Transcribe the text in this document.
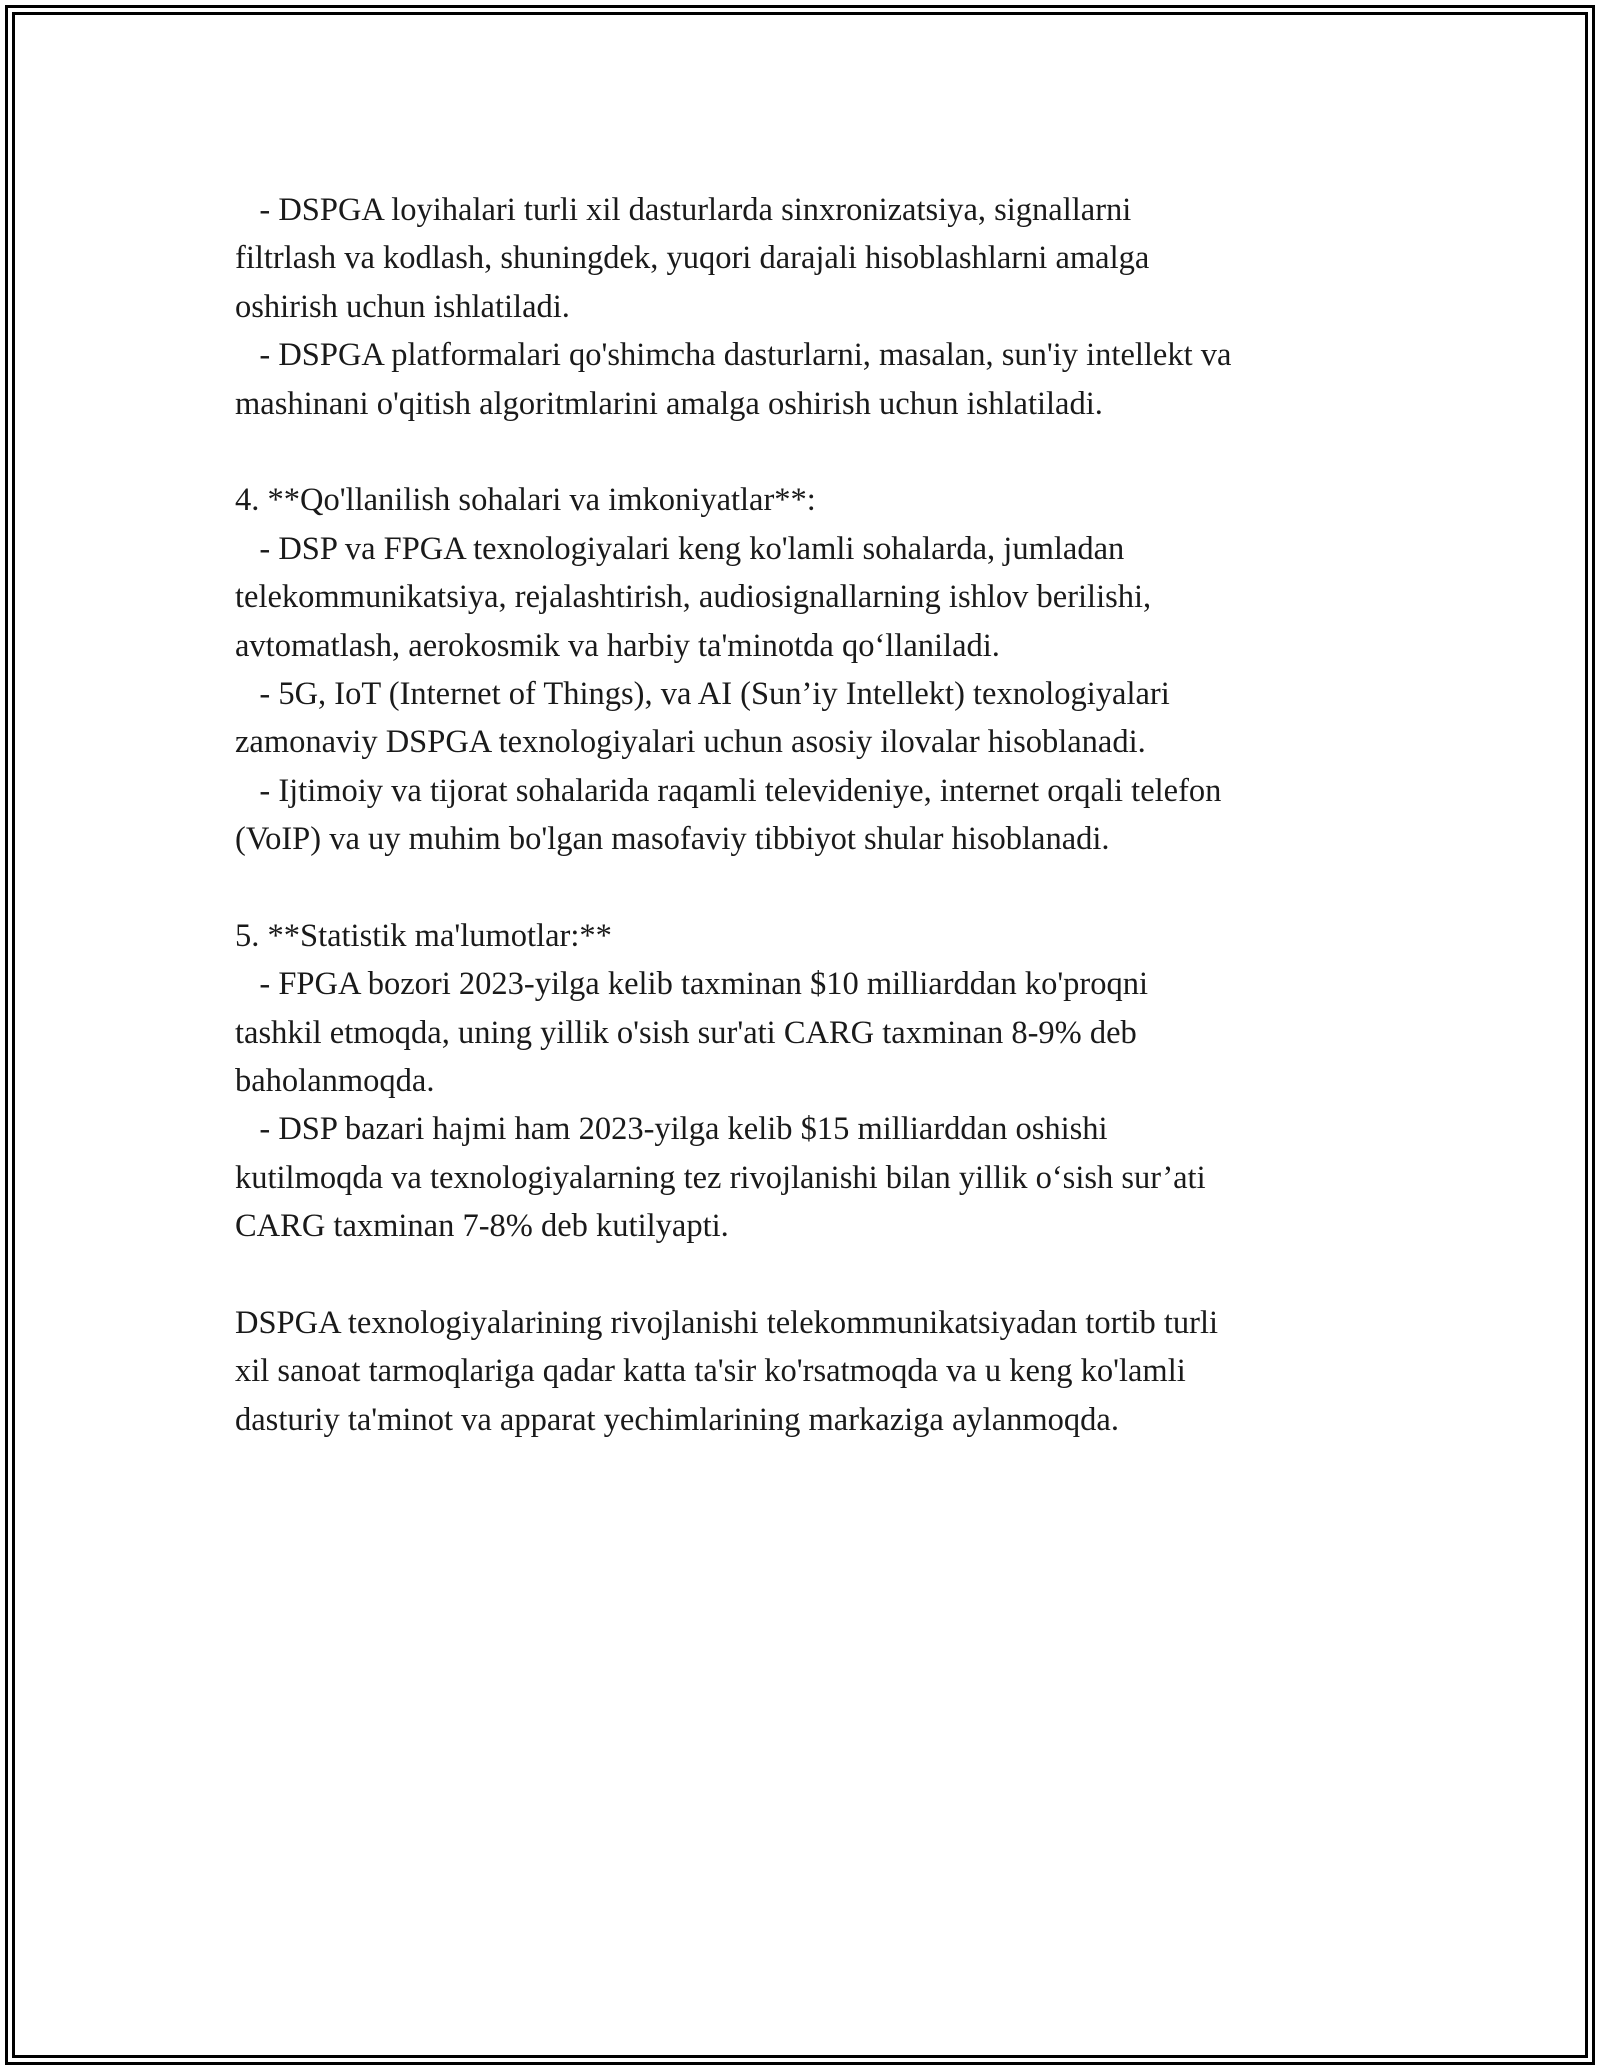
- DSPGA loyihalari turli xil dasturlarda sinxronizatsiya, signallarni
filtrlash va kodlash, shuningdek, yuqori darajali hisoblashlarni amalga
oshirish uchun ishlatiladi.
- DSPGA platformalari qo'shimcha dasturlarni, masalan, sun'iy intellekt va
mashinani o'qitish algoritmlarini amalga oshirish uchun ishlatiladi.
4. **Qo'llanilish sohalari va imkoniyatlar**:
- DSP va FPGA texnologiyalari keng ko'lamli sohalarda, jumladan
telekommunikatsiya, rejalashtirish, audiosignallarning ishlov berilishi,
avtomatlash, aerokosmik va harbiy ta'minotda qo‘llaniladi.
- 5G, IoT (Internet of Things), va AI (Sun’iy Intellekt) texnologiyalari
zamonaviy DSPGA texnologiyalari uchun asosiy ilovalar hisoblanadi.
- Ijtimoiy va tijorat sohalarida raqamli televideniye, internet orqali telefon
(VoIP) va uy muhim bo'lgan masofaviy tibbiyot shular hisoblanadi.
5. **Statistik ma'lumotlar:**
- FPGA bozori 2023-yilga kelib taxminan $10 milliarddan ko'proqni
tashkil etmoqda, uning yillik o'sish sur'ati CARG taxminan 8-9% deb
baholanmoqda.
- DSP bazari hajmi ham 2023-yilga kelib $15 milliarddan oshishi
kutilmoqda va texnologiyalarning tez rivojlanishi bilan yillik o‘sish sur’ati
CARG taxminan 7-8% deb kutilyapti.
DSPGA texnologiyalarining rivojlanishi telekommunikatsiyadan tortib turli
xil sanoat tarmoqlariga qadar katta ta'sir ko'rsatmoqda va u keng ko'lamli
dasturiy ta'minot va apparat yechimlarining markaziga aylanmoqda.
